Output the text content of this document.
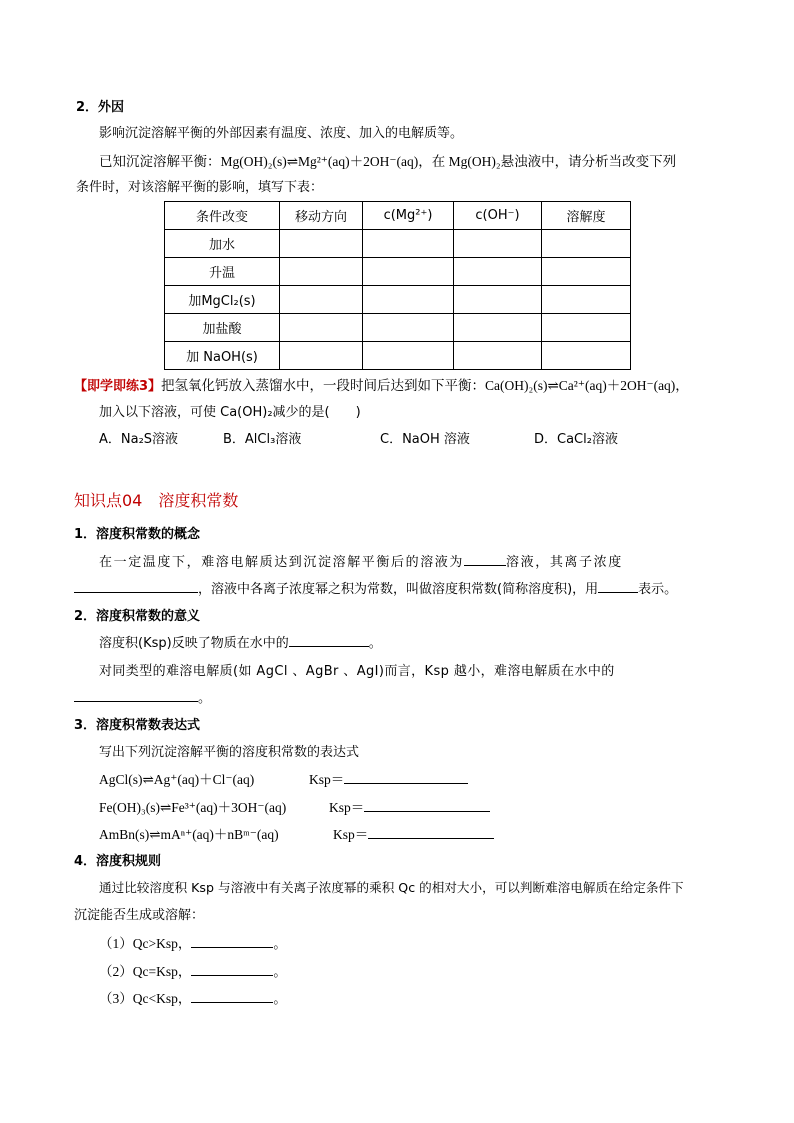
2．外因
影响沉淀溶解平衡的外部因素有温度、浓度、加入的电解质等。
已知沉淀溶解平衡：Mg(OH)₂(s)⇌Mg²⁺(aq)＋2OH⁻(aq)，在 Mg(OH)₂悬浊液中，请分析当改变下列
条件时，对该溶解平衡的影响，填写下表：
条件改变	移动方向	c(Mg²⁺)	c(OH⁻)	溶解度
加水				
升温				
加MgCl₂(s)				
加盐酸				
加 NaOH(s)				
【即学即练3】把氢氧化钙放入蒸馏水中，一段时间后达到如下平衡：Ca(OH)₂(s)⇌Ca²⁺(aq)＋2OH⁻(aq)，
加入以下溶液，可使 Ca(OH)₂减少的是(　　)
A．Na₂S溶液	B．AlCl₃溶液	C．NaOH 溶液	D．CaCl₂溶液
知识点04　溶度积常数
1．溶度积常数的概念
在一定温度下，难溶电解质达到沉淀溶解平衡后的溶液为	溶液，其离子浓度
，溶液中各离子浓度幂之积为常数，叫做溶度积常数(简称溶度积)，用	表示。
2．溶度积常数的意义
溶度积(Ksp)反映了物质在水中的	。
对同类型的难溶电解质(如 AgCl 、AgBr 、AgI)而言，Ksp 越小，难溶电解质在水中的
。
3．溶度积常数表达式
写出下列沉淀溶解平衡的溶度积常数的表达式
AgCl(s)⇌Ag⁺(aq)＋Cl⁻(aq)	Ksp＝
Fe(OH)₃(s)⇌Fe³⁺(aq)＋3OH⁻(aq)	Ksp＝
AmBn(s)⇌mAⁿ⁺(aq)＋nBᵐ⁻(aq)	Ksp＝
4．溶度积规则
通过比较溶度积 Ksp 与溶液中有关离子浓度幂的乘积 Qc 的相对大小，可以判断难溶电解质在给定条件下
沉淀能否生成或溶解：
（1）Qc>Ksp，	。
（2）Qc=Ksp，	。
（3）Qc<Ksp，	。
